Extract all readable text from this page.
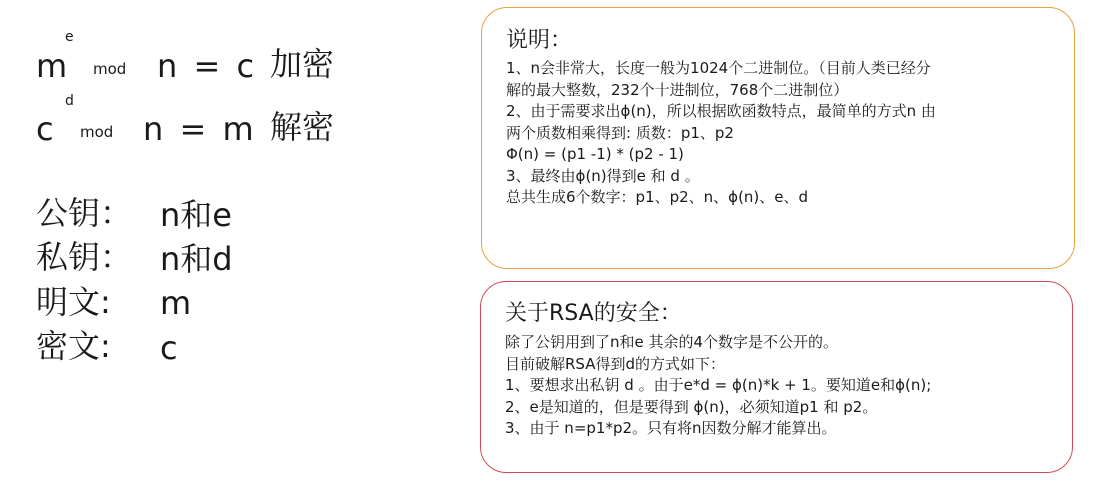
m
e
mod n = c 加密
c
d
mod n = m 解密
公钥： n和e
私钥： n和d
明文: m
密文: c
说明：
1、n会非常大，长度一般为1024个二进制位。（目前人类已经分
解的最大整数，232个十进制位，768个二进制位）
2、由于需要求出ϕ(n)，所以根据欧函数特点，最简单的方式n 由
两个质数相乘得到: 质数：p1、p2
Φ(n) = (p1 -1) * (p2 - 1)
3、最终由ϕ(n)得到e 和 d 。
总共生成6个数字：p1、p2、n、ϕ(n)、e、d
关于RSA的安全：
除了公钥用到了n和e 其余的4个数字是不公开的。
目前破解RSA得到d的方式如下：
1、要想求出私钥 d 。由于e*d = ϕ(n)*k + 1。要知道e和ϕ(n);
2、e是知道的，但是要得到 ϕ(n)，必须知道p1 和 p2。
3、由于 n=p1*p2。只有将n因数分解才能算出。
